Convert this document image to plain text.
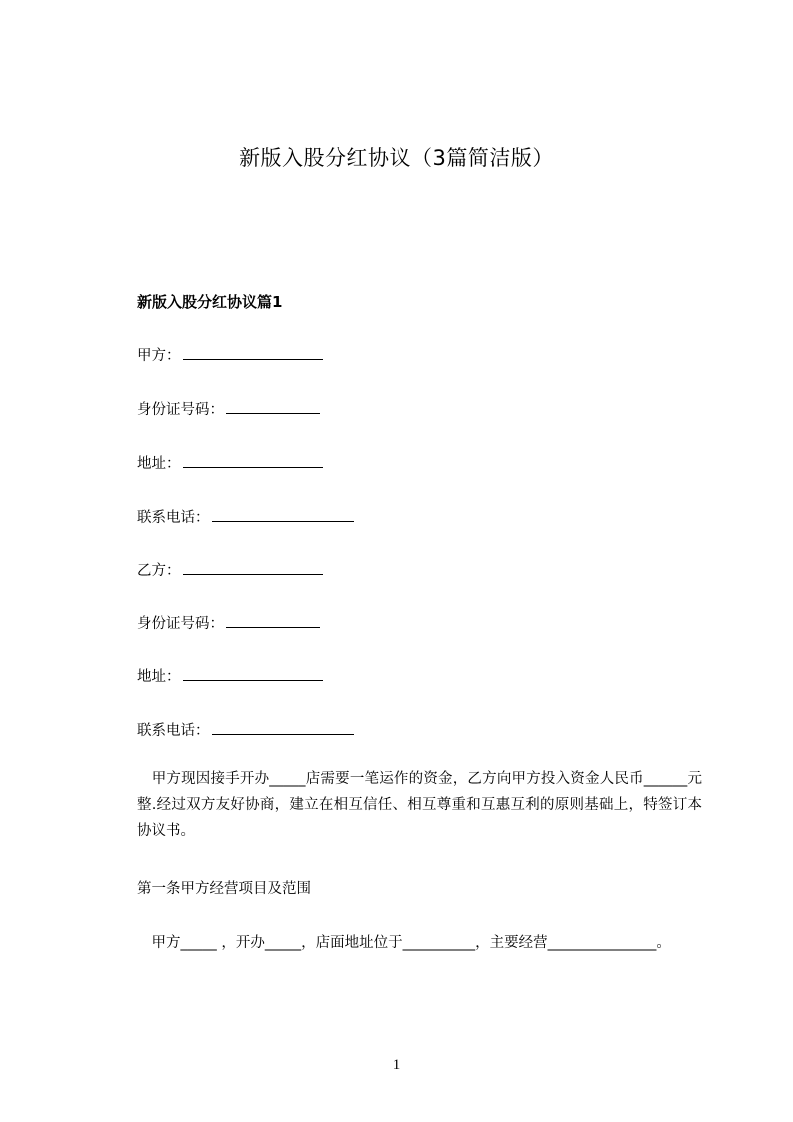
新版入股分红协议（3篇简洁版）
新版入股分红协议篇1
甲方：
身份证号码：
地址：
联系电话：
乙方：
身份证号码：
地址：
联系电话：
　甲方现因接手开办_____店需要一笔运作的资金，乙方向甲方投入资金人民币______元整.经过双方友好协商，建立在相互信任、相互尊重和互惠互利的原则基础上，特签订本协议书。
第一条甲方经营项目及范围
　甲方_____ ，开办_____，店面地址位于__________，主要经营_______________。
1
